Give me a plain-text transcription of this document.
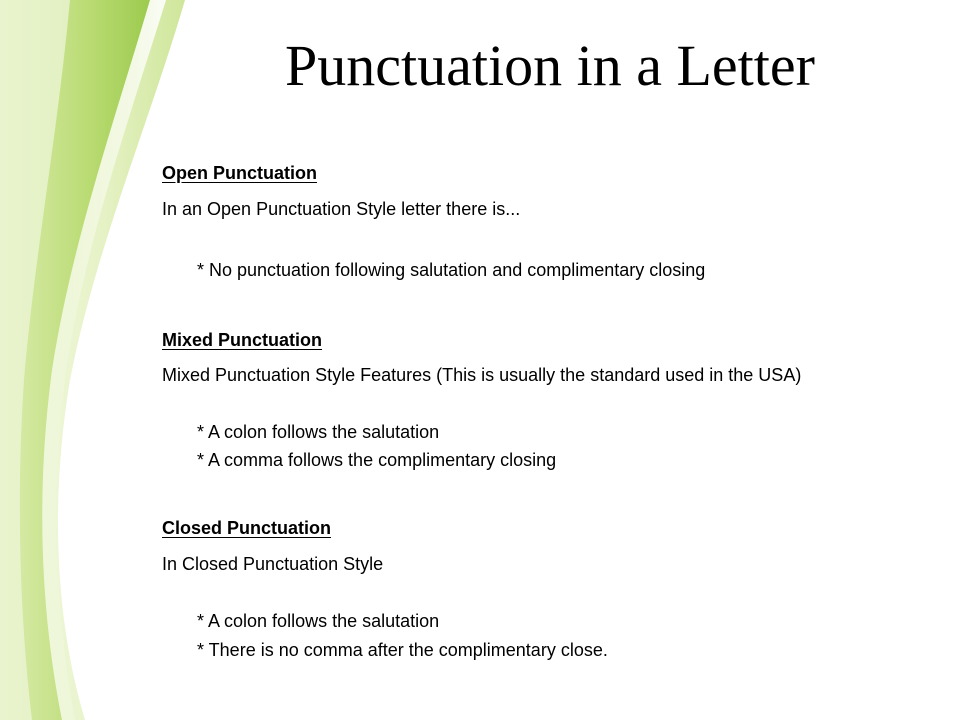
Punctuation in a Letter
Open Punctuation
In an Open Punctuation Style letter there is...
* No punctuation following salutation and complimentary closing
Mixed Punctuation
Mixed Punctuation Style Features (This is usually the standard used in the USA)
* A colon follows the salutation
* A comma follows the complimentary closing
Closed Punctuation
In Closed Punctuation Style
* A colon follows the salutation
* There is no comma after the complimentary close.
